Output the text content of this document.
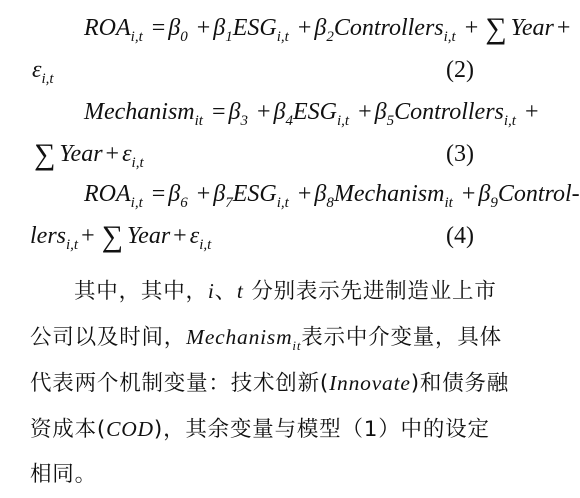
$ROA_{i,t} = \beta_0 + \beta_1ESG_{i,t}$ + $\beta_2Controllers_{i,t}$ + ∑ Year +
$\varepsilon_{i,t}$	(2)
Mechanism$_{it}$ = $\beta_3 + \beta_4ESG_{i,t}$ + $\beta_5Controllers_{i,t}$ +
∑ Year + $\varepsilon_{i,t}$	(3)
$ROA_{i,t} = \beta_6 + \beta_7ESG_{i,t}$ + $\beta_8Mechanism_{it}$ + $\beta_9Control-$
lers$_{i,t}$ + ∑ Year + $\varepsilon_{i,t}$	(4)
其中，其中，i、t 分别表示先进制造业上市
公司以及时间，Mechanism$_{it}$表示中介变量，具体
代表两个机制变量：技术创新(Innovate)和债务融
资成本(COD)，其余变量与模型（1）中的设定
相同。
